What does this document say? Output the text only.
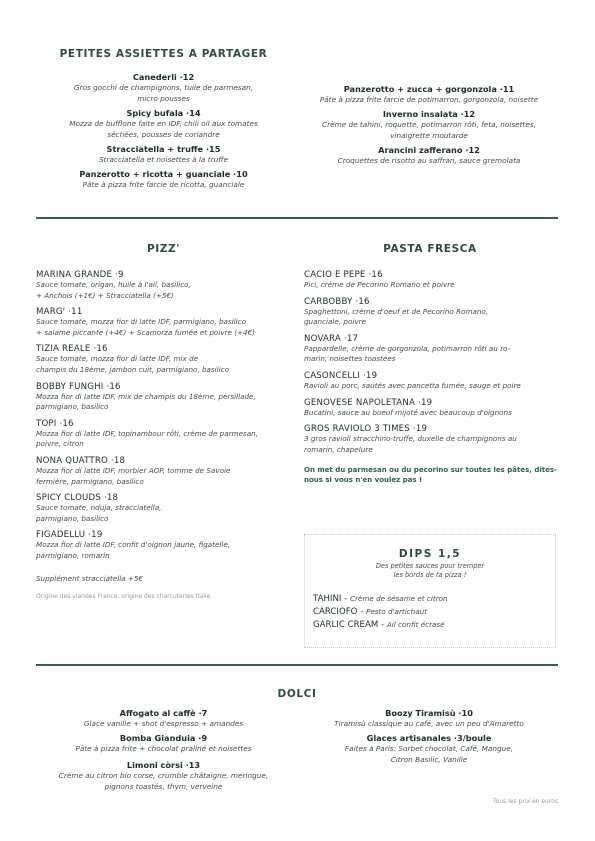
PETITES ASSIETTES A PARTAGER
Canederli ·12
Gros gocchi de champignons, tuile de parmesan,
micro pousses
Spicy bufala ·14
Mozza de bufflone faite en IDF, chili oil aux tomates
séchées, pousses de coriandre
Stracciatella + truffe ·15
Stracciatella et noisettes à la truffe
Panzerotto + ricotta + guanciale ·10
Pâte à pizza frite farcie de ricotta, guanciale
Panzerotto + zucca + gorgonzola ·11
Pâte à pizza frite farcie de potimarron, gorgonzola, noisette
Inverno insalata ·12
Crème de tahini, roquette, potimarron rôti, feta, noisettes,
vinaigrette moutarde
Arancini zafferano ·12
Croquettes de risotto au saffran, sauce gremolata
PIZZ'
MARINA GRANDE ·9
Sauce tomate, origan, huile à l'ail, basilico,
+ Anchois (+1€) + Stracciatella (+5€)
MARG' ·11
Sauce tomate, mozza fior di latte IDF, parmigiano, basilico
+ salame piccante (+4€) + Scamorza fumée et poivre (+4€)
TIZIA REALE ·16
Sauce tomate, mozza fior di latte IDF, mix de
champis du 18ème, jambon cuit, parmigiano, basilico
BOBBY FUNGHI ·16
Mozza fior di latte IDF, mix de champis du 18ème, persillade,
parmigiano, basilico
TOPI ·16
Mozza fior di latte IDF, topinambour rôti, crème de parmesan,
poivre, citron
NONA QUATTRO ·18
Mozza fior di latte IDF, morbier AOP, tomme de Savoie
fermière, parmigiano, basilico
SPICY CLOUDS ·18
Sauce tomate, nduja, stracciatella,
parmigiano, basilico
FIGADELLU ·19
Mozza fior di latte IDF, confit d'oignon jaune, figatelle,
parmigiano, romarin
Supplément stracciatella +5€
Origine des viandes France, origine des charcuteries Italie
PASTA FRESCA
CACIO E PEPE ·16
Pici, crème de Pecorino Romano et poivre
CARBOBBY ·16
Spaghettoni, crème d'oeuf et de Pecorino Romano,
guanciale, poivre
NOVARA ·17
Pappardelle, crème de gorgonzola, potimarron rôti au ro-
marin, noisettes toastées
CASONCELLI ·19
Ravioli au porc, sautés avec pancetta fumée, sauge et poire
GENOVESE NAPOLETANA ·19
Bucatini, sauce au boeuf mijoté avec beaucoup d'oignons
GROS RAVIOLO 3 TIMES ·19
3 gros ravioli stracchino-truffe, duxelle de champignons au
romarin, chapelure
On met du parmesan ou du pecorino sur toutes les pâtes, dites-
nous si vous n'en voulez pas !
DIPS 1,5
Des petites sauces pour tremper
les bords de ta pizza !
TAHINI - Crème de sésame et citron
CARCIOFO - Pesto d'artichaut
GARLIC CREAM - Ail confit écrasé
DOLCI
Affogato al caffè ·7
Glace vanille + shot d'espresso + amandes
Bomba Gianduia ·9
Pâte à pizza frite + chocolat praliné et noisettes
Limoni còrsi ·13
Crème au citron bio corse, crumble châtaigne, meringue,
pignons toastés, thym, verveine
Boozy Tiramisù ·10
Tiramisù classique au café, avec un peu d'Amaretto
Glaces artisanales ·3/boule
Faites à Paris: Sorbet chocolat, Café, Mangue,
Citron Basilic, Vanille
Tous les prix en euros
